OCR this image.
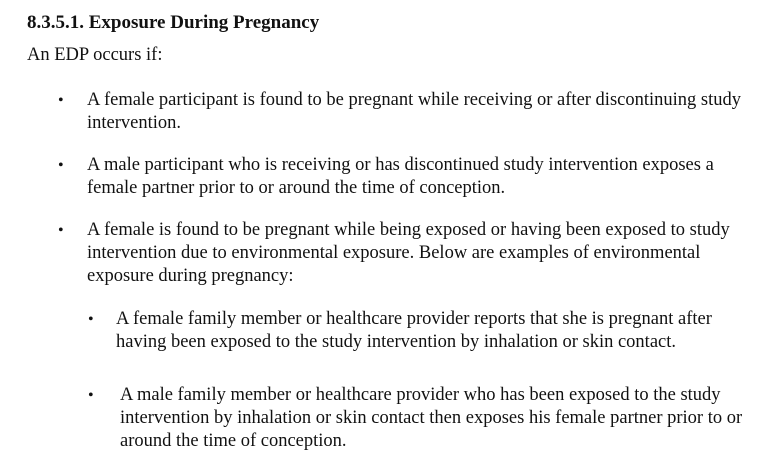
8.3.5.1. Exposure During Pregnancy
An EDP occurs if:
• A female participant is found to be pregnant while receiving or after discontinuing study intervention.
• A male participant who is receiving or has discontinued study intervention exposes a female partner prior to or around the time of conception.
• A female is found to be pregnant while being exposed or having been exposed to study intervention due to environmental exposure. Below are examples of environmental exposure during pregnancy:
• A female family member or healthcare provider reports that she is pregnant after having been exposed to the study intervention by inhalation or skin contact.
• A male family member or healthcare provider who has been exposed to the study intervention by inhalation or skin contact then exposes his female partner prior to or around the time of conception.
